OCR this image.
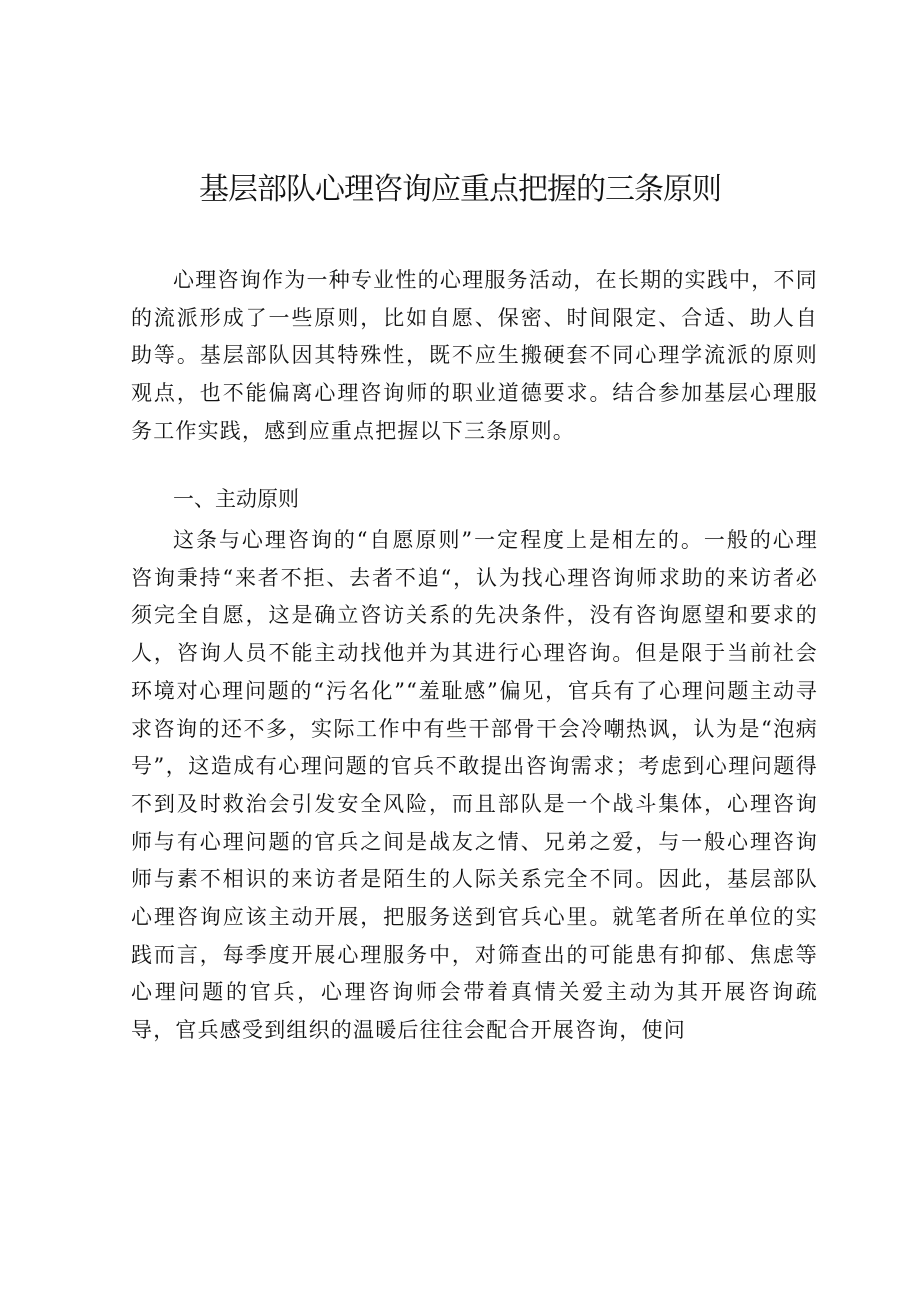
基层部队心理咨询应重点把握的三条原则

心理咨询作为一种专业性的心理服务活动，在长期的实践中，不同的流派形成了一些原则，比如自愿、保密、时间限定、合适、助人自助等。基层部队因其特殊性，既不应生搬硬套不同心理学流派的原则观点，也不能偏离心理咨询师的职业道德要求。结合参加基层心理服务工作实践，感到应重点把握以下三条原则。

一、主动原则

这条与心理咨询的“自愿原则”一定程度上是相左的。一般的心理咨询秉持“来者不拒、去者不追“，认为找心理咨询师求助的来访者必须完全自愿，这是确立咨访关系的先决条件，没有咨询愿望和要求的人，咨询人员不能主动找他并为其进行心理咨询。但是限于当前社会环境对心理问题的“污名化”“羞耻感”偏见，官兵有了心理问题主动寻求咨询的还不多，实际工作中有些干部骨干会冷嘲热讽，认为是“泡病号”，这造成有心理问题的官兵不敢提出咨询需求；考虑到心理问题得不到及时救治会引发安全风险，而且部队是一个战斗集体，心理咨询师与有心理问题的官兵之间是战友之情、兄弟之爱，与一般心理咨询师与素不相识的来访者是陌生的人际关系完全不同。因此，基层部队心理咨询应该主动开展，把服务送到官兵心里。就笔者所在单位的实践而言，每季度开展心理服务中，对筛查出的可能患有抑郁、焦虑等心理问题的官兵，心理咨询师会带着真情关爱主动为其开展咨询疏导，官兵感受到组织的温暖后往往会配合开展咨询，使问
